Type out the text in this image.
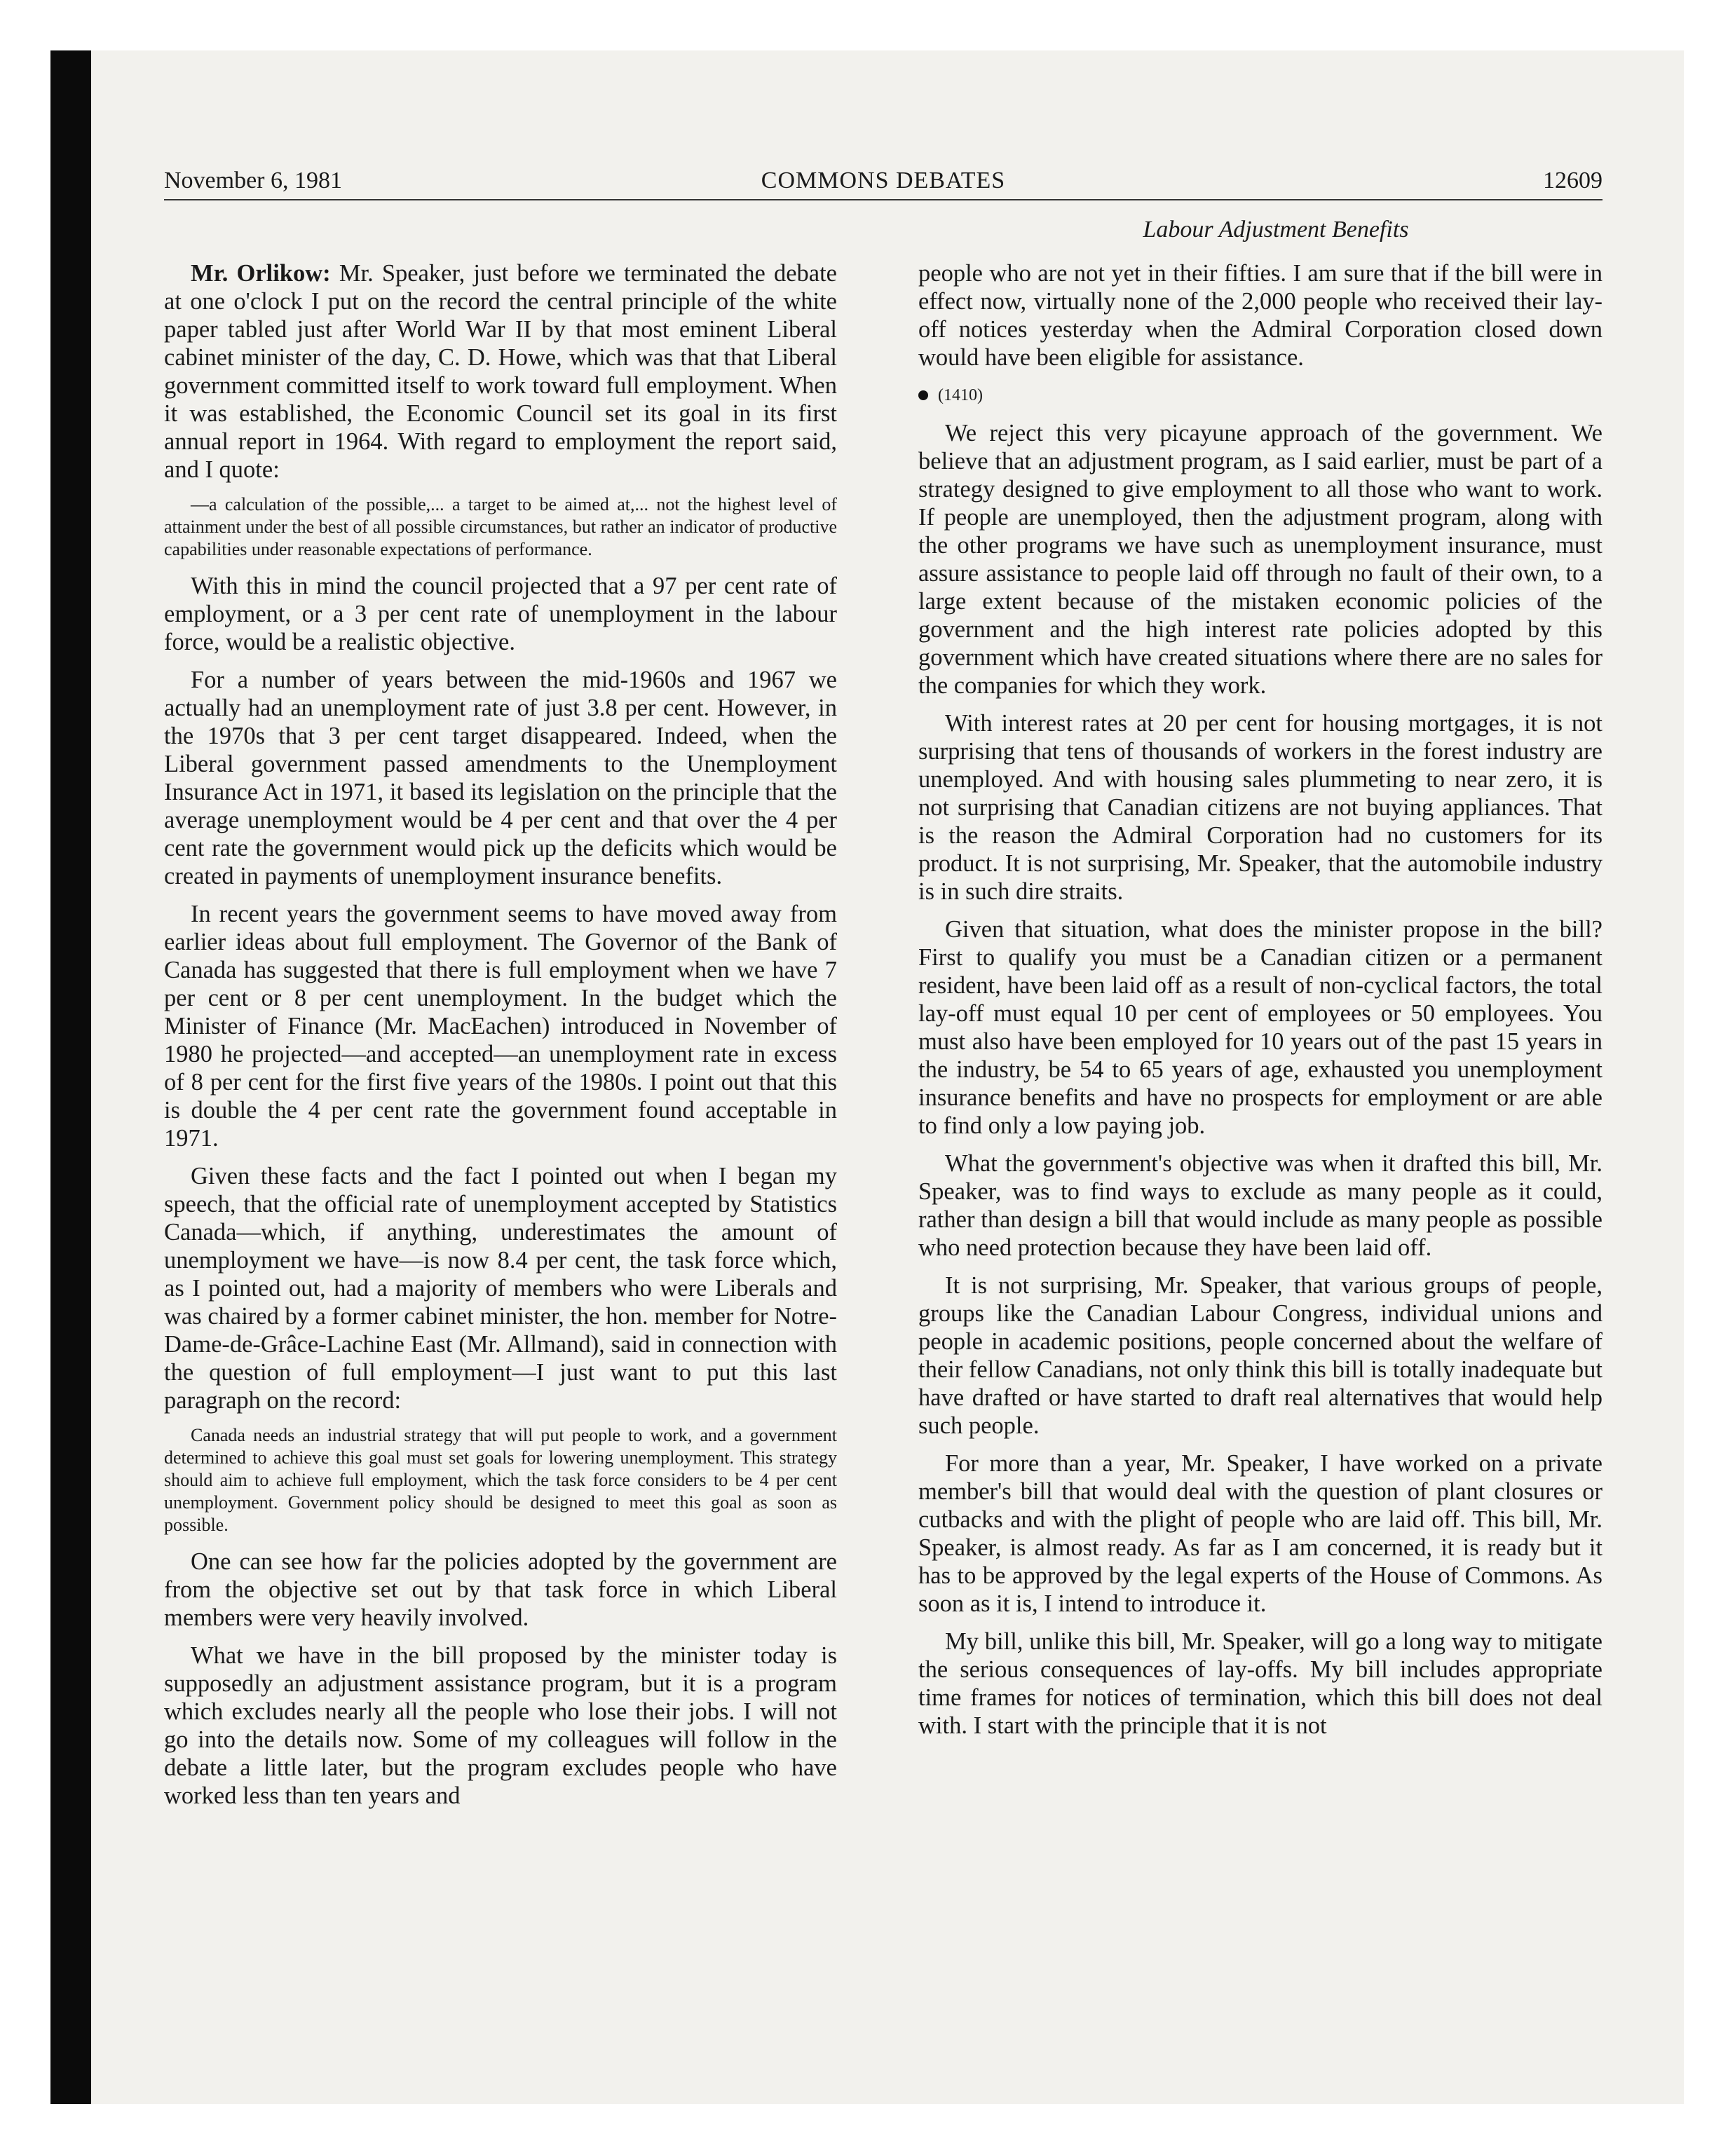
November 6, 1981	COMMONS DEBATES	12609
Labour Adjustment Benefits

Mr. Orlikow: Mr. Speaker, just before we terminated the debate at one o'clock I put on the record the central principle of the white paper tabled just after World War II by that most eminent Liberal cabinet minister of the day, C. D. Howe, which was that that Liberal government committed itself to work toward full employment. When it was established, the Economic Council set its goal in its first annual report in 1964. With regard to employment the report said, and I quote:

—a calculation of the possible,... a target to be aimed at,... not the highest level of attainment under the best of all possible circumstances, but rather an indicator of productive capabilities under reasonable expectations of performance.

With this in mind the council projected that a 97 per cent rate of employment, or a 3 per cent rate of unemployment in the labour force, would be a realistic objective.

For a number of years between the mid-1960s and 1967 we actually had an unemployment rate of just 3.8 per cent. However, in the 1970s that 3 per cent target disappeared. Indeed, when the Liberal government passed amendments to the Unemployment Insurance Act in 1971, it based its legislation on the principle that the average unemployment would be 4 per cent and that over the 4 per cent rate the government would pick up the deficits which would be created in payments of unemployment insurance benefits.

In recent years the government seems to have moved away from earlier ideas about full employment. The Governor of the Bank of Canada has suggested that there is full employment when we have 7 per cent or 8 per cent unemployment. In the budget which the Minister of Finance (Mr. MacEachen) introduced in November of 1980 he projected—and accepted—an unemployment rate in excess of 8 per cent for the first five years of the 1980s. I point out that this is double the 4 per cent rate the government found acceptable in 1971.

Given these facts and the fact I pointed out when I began my speech, that the official rate of unemployment accepted by Statistics Canada—which, if anything, underestimates the amount of unemployment we have—is now 8.4 per cent, the task force which, as I pointed out, had a majority of members who were Liberals and was chaired by a former cabinet minister, the hon. member for Notre-Dame-de-Grâce-Lachine East (Mr. Allmand), said in connection with the question of full employment—I just want to put this last paragraph on the record:

Canada needs an industrial strategy that will put people to work, and a government determined to achieve this goal must set goals for lowering unemployment. This strategy should aim to achieve full employment, which the task force considers to be 4 per cent unemployment. Government policy should be designed to meet this goal as soon as possible.

One can see how far the policies adopted by the government are from the objective set out by that task force in which Liberal members were very heavily involved.

What we have in the bill proposed by the minister today is supposedly an adjustment assistance program, but it is a program which excludes nearly all the people who lose their jobs. I will not go into the details now. Some of my colleagues will follow in the debate a little later, but the program excludes people who have worked less than ten years and

people who are not yet in their fifties. I am sure that if the bill were in effect now, virtually none of the 2,000 people who received their lay-off notices yesterday when the Admiral Corporation closed down would have been eligible for assistance.

(1410)

We reject this very picayune approach of the government. We believe that an adjustment program, as I said earlier, must be part of a strategy designed to give employment to all those who want to work. If people are unemployed, then the adjustment program, along with the other programs we have such as unemployment insurance, must assure assistance to people laid off through no fault of their own, to a large extent because of the mistaken economic policies of the government and the high interest rate policies adopted by this government which have created situations where there are no sales for the companies for which they work.

With interest rates at 20 per cent for housing mortgages, it is not surprising that tens of thousands of workers in the forest industry are unemployed. And with housing sales plummeting to near zero, it is not surprising that Canadian citizens are not buying appliances. That is the reason the Admiral Corporation had no customers for its product. It is not surprising, Mr. Speaker, that the automobile industry is in such dire straits.

Given that situation, what does the minister propose in the bill? First to qualify you must be a Canadian citizen or a permanent resident, have been laid off as a result of non-cyclical factors, the total lay-off must equal 10 per cent of employees or 50 employees. You must also have been employed for 10 years out of the past 15 years in the industry, be 54 to 65 years of age, exhausted you unemployment insurance benefits and have no prospects for employment or are able to find only a low paying job.

What the government's objective was when it drafted this bill, Mr. Speaker, was to find ways to exclude as many people as it could, rather than design a bill that would include as many people as possible who need protection because they have been laid off.

It is not surprising, Mr. Speaker, that various groups of people, groups like the Canadian Labour Congress, individual unions and people in academic positions, people concerned about the welfare of their fellow Canadians, not only think this bill is totally inadequate but have drafted or have started to draft real alternatives that would help such people.

For more than a year, Mr. Speaker, I have worked on a private member's bill that would deal with the question of plant closures or cutbacks and with the plight of people who are laid off. This bill, Mr. Speaker, is almost ready. As far as I am concerned, it is ready but it has to be approved by the legal experts of the House of Commons. As soon as it is, I intend to introduce it.

My bill, unlike this bill, Mr. Speaker, will go a long way to mitigate the serious consequences of lay-offs. My bill includes appropriate time frames for notices of termination, which this bill does not deal with. I start with the principle that it is not
